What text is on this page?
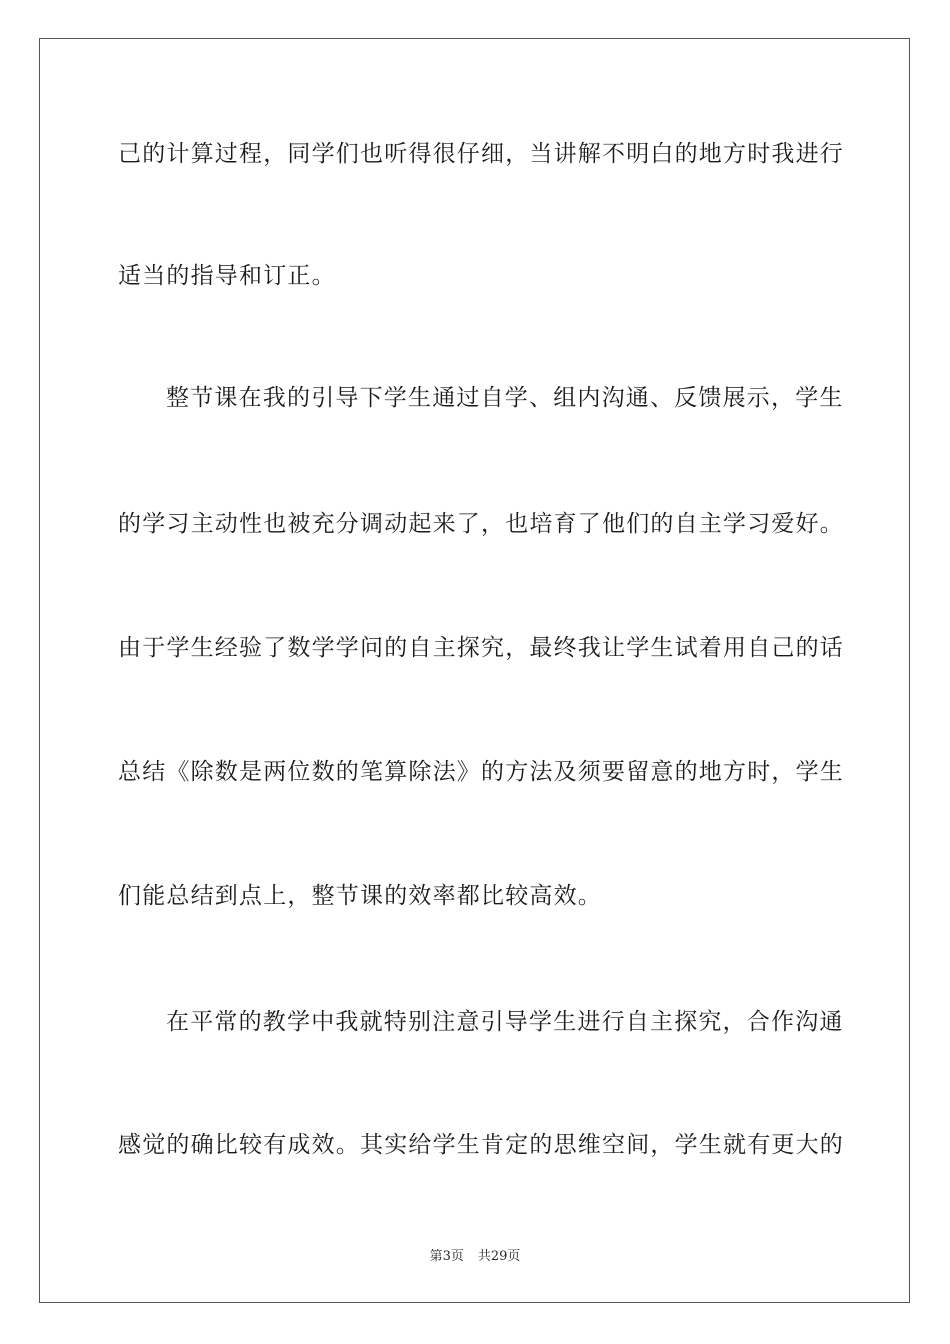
己的计算过程，同学们也听得很仔细，当讲解不明白的地方时我进行
适当的指导和订正。
整节课在我的引导下学生通过自学、组内沟通、反馈展示，学生
的学习主动性也被充分调动起来了，也培育了他们的自主学习爱好。
由于学生经验了数学学问的自主探究，最终我让学生试着用自己的话
总结《除数是两位数的笔算除法》的方法及须要留意的地方时，学生
们能总结到点上，整节课的效率都比较高效。
在平常的教学中我就特别注意引导学生进行自主探究，合作沟通
感觉的确比较有成效。其实给学生肯定的思维空间，学生就有更大的
第3页 共29页
